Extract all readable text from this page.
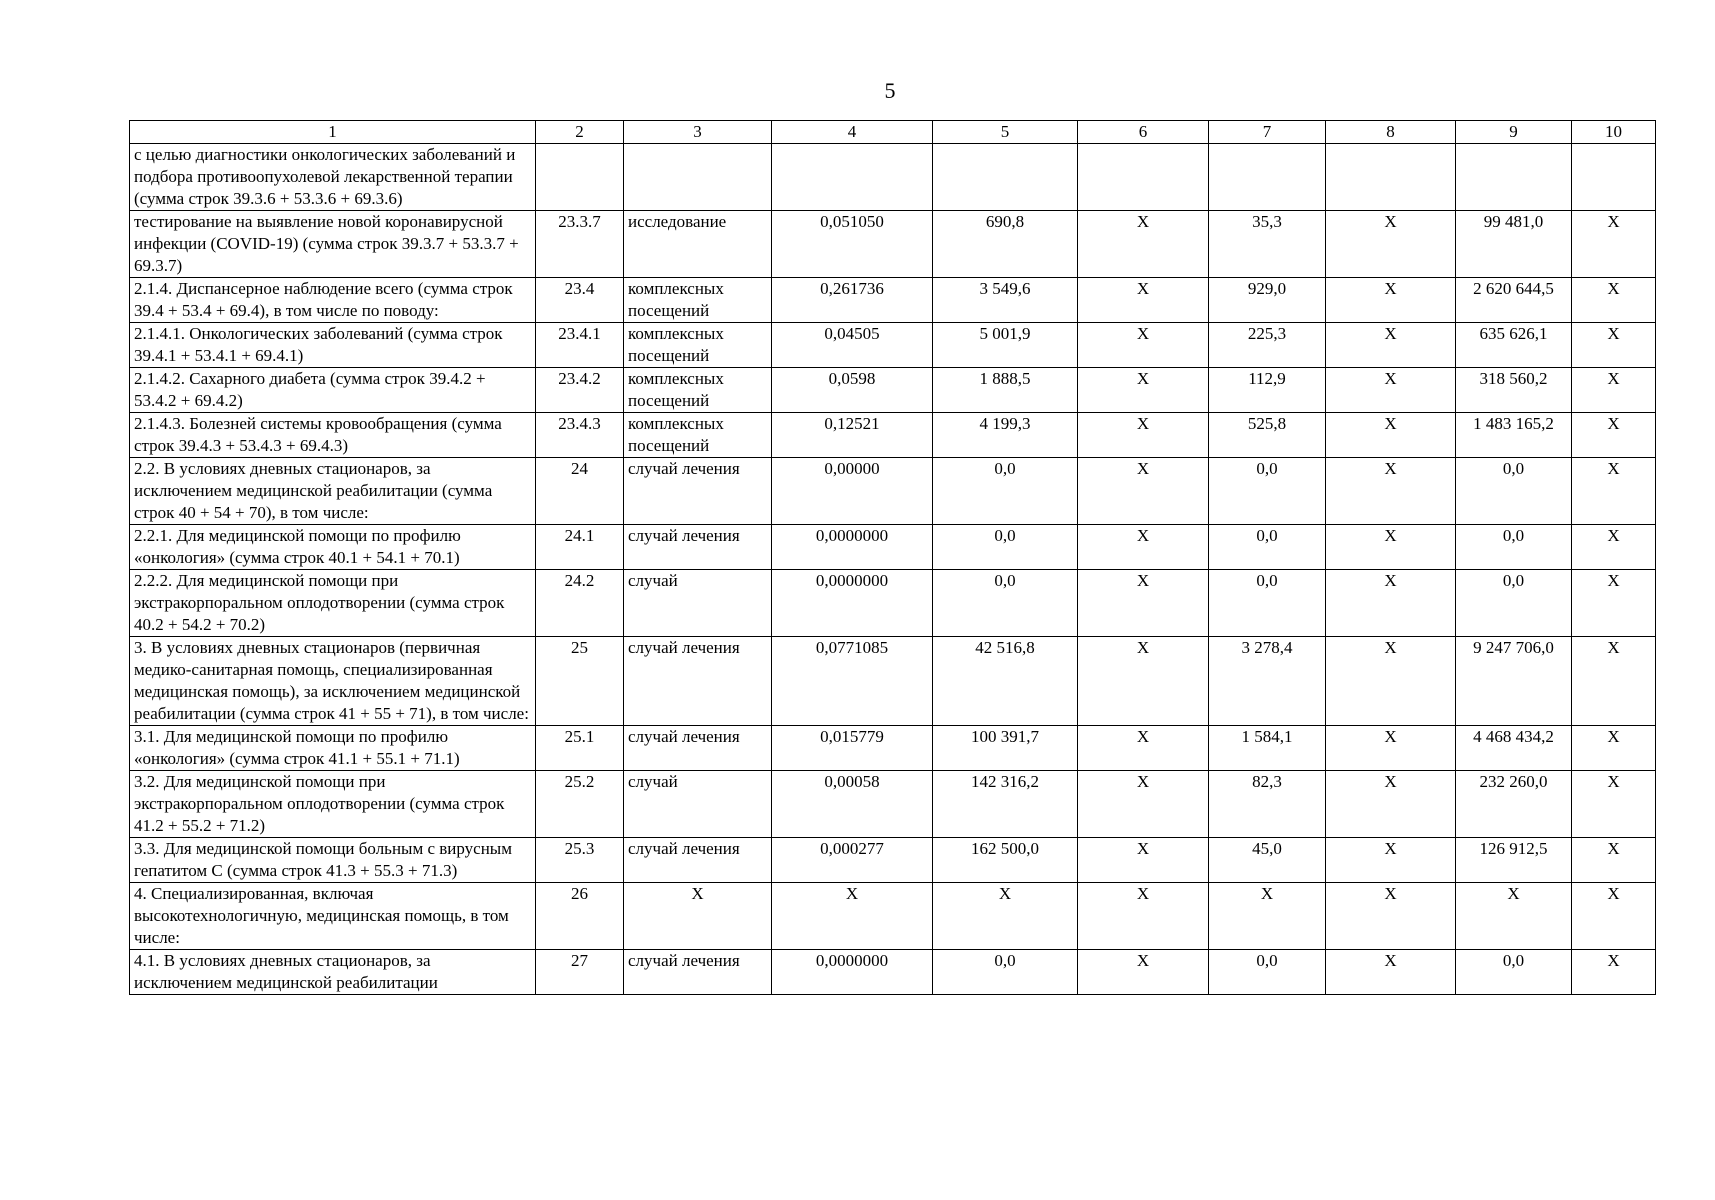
5
1	2	3	4	5	6	7	8	9	10
с целью диагностики онкологических заболеваний и подбора противоопухолевой лекарственной терапии (сумма строк 39.3.6 + 53.3.6 + 69.3.6)									
тестирование на выявление новой коронавирусной инфекции (COVID-19) (сумма строк 39.3.7 + 53.3.7 + 69.3.7)	23.3.7	исследование	0,051050	690,8	X	35,3	X	99 481,0	X
2.1.4. Диспансерное наблюдение всего (сумма строк 39.4 + 53.4 + 69.4), в том числе по поводу:	23.4	комплексных посещений	0,261736	3 549,6	X	929,0	X	2 620 644,5	X
2.1.4.1. Онкологических заболеваний (сумма строк 39.4.1 + 53.4.1 + 69.4.1)	23.4.1	комплексных посещений	0,04505	5 001,9	X	225,3	X	635 626,1	X
2.1.4.2. Сахарного диабета (сумма строк 39.4.2 + 53.4.2 + 69.4.2)	23.4.2	комплексных посещений	0,0598	1 888,5	X	112,9	X	318 560,2	X
2.1.4.3. Болезней системы кровообращения (сумма строк 39.4.3 + 53.4.3 + 69.4.3)	23.4.3	комплексных посещений	0,12521	4 199,3	X	525,8	X	1 483 165,2	X
2.2. В условиях дневных стационаров, за исключением медицинской реабилитации (сумма строк 40 + 54 + 70), в том числе:	24	случай лечения	0,00000	0,0	X	0,0	X	0,0	X
2.2.1. Для медицинской помощи по профилю «онкология» (сумма строк 40.1 + 54.1 + 70.1)	24.1	случай лечения	0,0000000	0,0	X	0,0	X	0,0	X
2.2.2. Для медицинской помощи при экстракорпоральном оплодотворении (сумма строк 40.2 + 54.2 + 70.2)	24.2	случай	0,0000000	0,0	X	0,0	X	0,0	X
3. В условиях дневных стационаров (первичная медико-санитарная помощь, специализированная медицинская помощь), за исключением медицинской реабилитации (сумма строк 41 + 55 + 71), в том числе:	25	случай лечения	0,0771085	42 516,8	X	3 278,4	X	9 247 706,0	X
3.1. Для медицинской помощи по профилю «онкология» (сумма строк 41.1 + 55.1 + 71.1)	25.1	случай лечения	0,015779	100 391,7	X	1 584,1	X	4 468 434,2	X
3.2. Для медицинской помощи при экстракорпоральном оплодотворении (сумма строк 41.2 + 55.2 + 71.2)	25.2	случай	0,00058	142 316,2	X	82,3	X	232 260,0	X
3.3. Для медицинской помощи больным с вирусным гепатитом С (сумма строк 41.3 + 55.3 + 71.3)	25.3	случай лечения	0,000277	162 500,0	X	45,0	X	126 912,5	X
4. Специализированная, включая высокотехнологичную, медицинская помощь, в том числе:	26	X	X	X	X	X	X	X	X
4.1. В условиях дневных стационаров, за исключением медицинской реабилитации	27	случай лечения	0,0000000	0,0	X	0,0	X	0,0	X
